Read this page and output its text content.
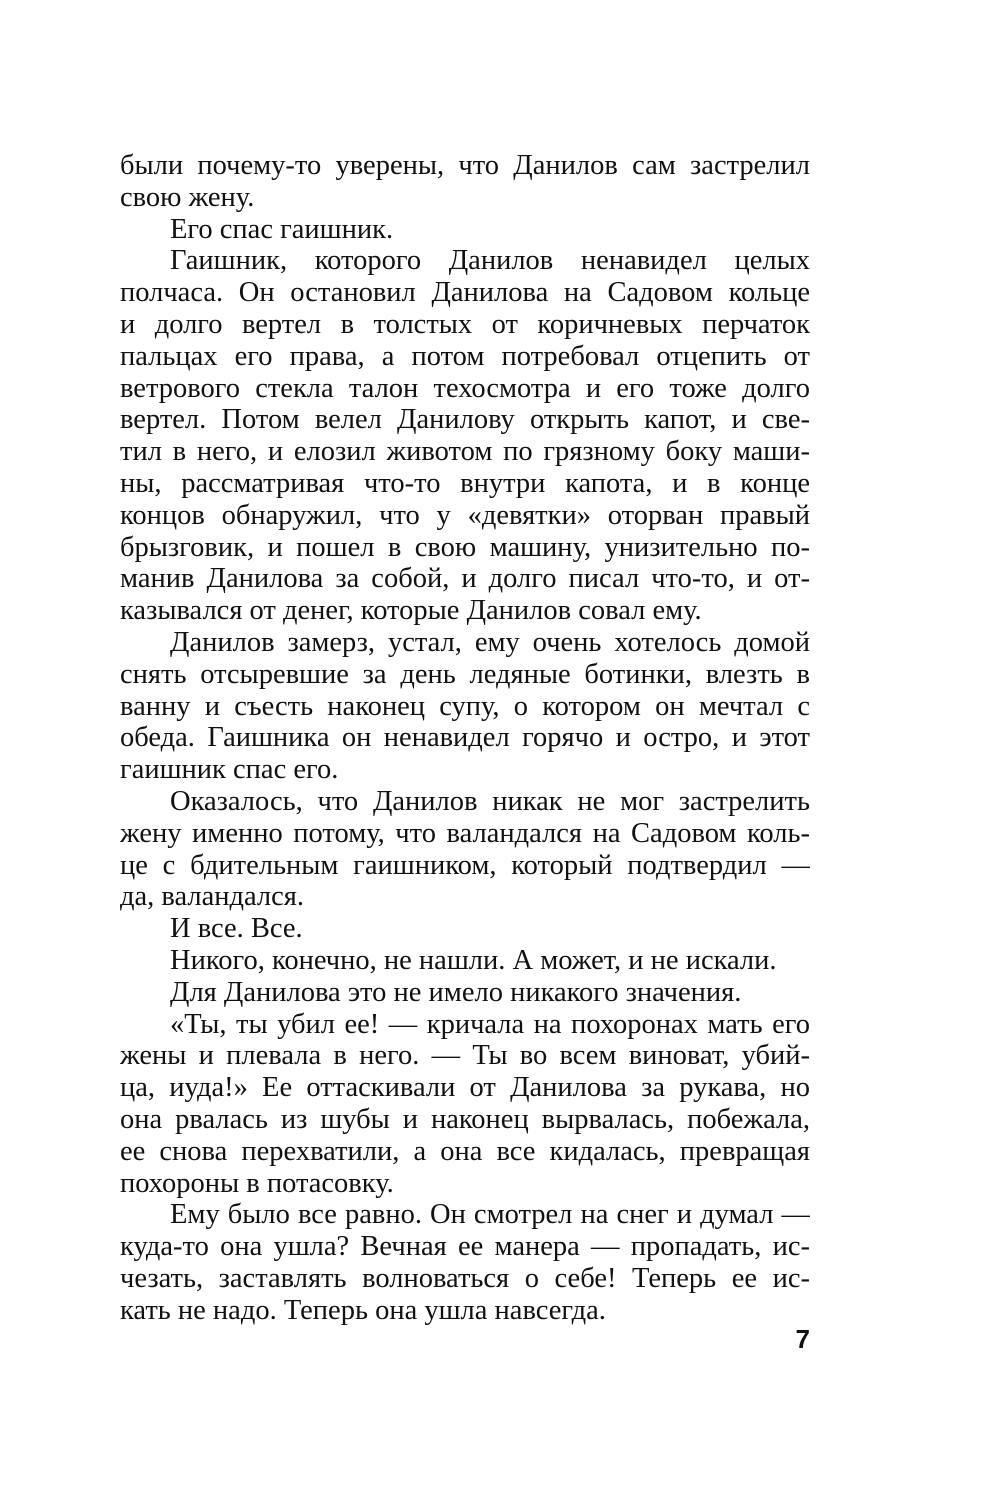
были почему-то уверены, что Данилов сам застрелил
свою жену.
Его спас гаишник.
Гаишник, которого Данилов ненавидел целых
полчаса. Он остановил Данилова на Садовом кольце
и долго вертел в толстых от коричневых перчаток
пальцах его права, а потом потребовал отцепить от
ветрового стекла талон техосмотра и его тоже долго
вертел. Потом велел Данилову открыть капот, и све-
тил в него, и елозил животом по грязному боку маши-
ны, рассматривая что-то внутри капота, и в конце
концов обнаружил, что у «девятки» оторван правый
брызговик, и пошел в свою машину, унизительно по-
манив Данилова за собой, и долго писал что-то, и от-
казывался от денег, которые Данилов совал ему.
Данилов замерз, устал, ему очень хотелось домой
снять отсыревшие за день ледяные ботинки, влезть в
ванну и съесть наконец супу, о котором он мечтал с
обеда. Гаишника он ненавидел горячо и остро, и этот
гаишник спас его.
Оказалось, что Данилов никак не мог застрелить
жену именно потому, что валандался на Садовом коль-
це с бдительным гаишником, который подтвердил —
да, валандался.
И все. Все.
Никого, конечно, не нашли. А может, и не искали.
Для Данилова это не имело никакого значения.
«Ты, ты убил ее! — кричала на похоронах мать его
жены и плевала в него. — Ты во всем виноват, убий-
ца, иуда!» Ее оттаскивали от Данилова за рукава, но
она рвалась из шубы и наконец вырвалась, побежала,
ее снова перехватили, а она все кидалась, превращая
похороны в потасовку.
Ему было все равно. Он смотрел на снег и думал —
куда-то она ушла? Вечная ее манера — пропадать, ис-
чезать, заставлять волноваться о себе! Теперь ее ис-
кать не надо. Теперь она ушла навсегда.
7
